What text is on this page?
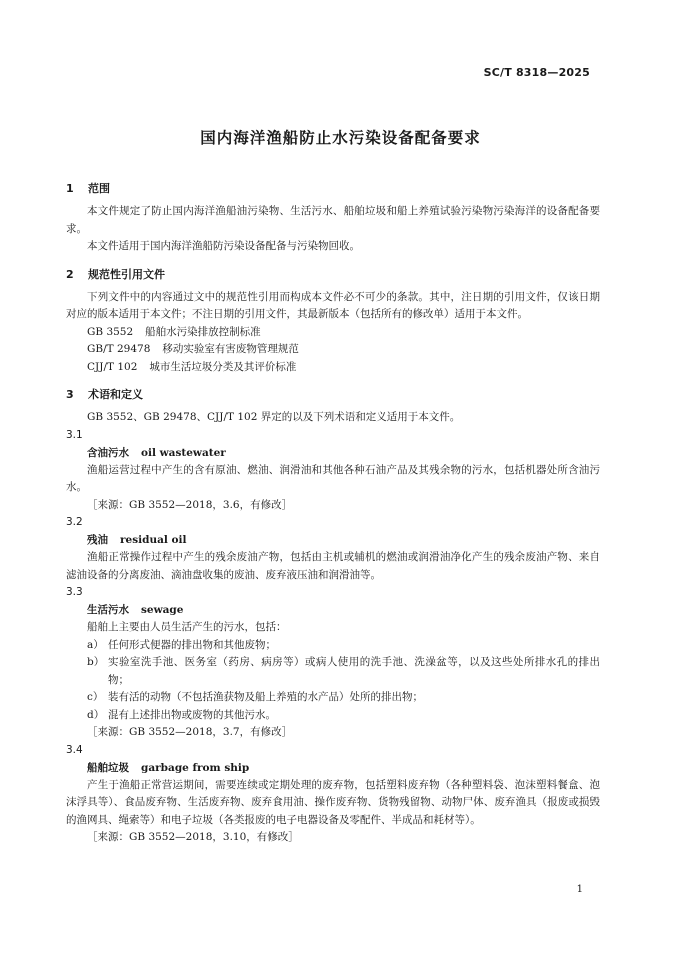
SC/T 8318—2025
国内海洋渔船防止水污染设备配备要求

1 范围

本文件规定了防止国内海洋渔船油污染物、生活污水、船舶垃圾和船上养殖试验污染物污染海洋的设备配备要求。

本文件适用于国内海洋渔船防污染设备配备与污染物回收。

2 规范性引用文件

下列文件中的内容通过文中的规范性引用而构成本文件必不可少的条款。其中，注日期的引用文件，仅该日期对应的版本适用于本文件；不注日期的引用文件，其最新版本（包括所有的修改单）适用于本文件。

GB 3552 船舶水污染排放控制标准

GB/T 29478 移动实验室有害废物管理规范

CJJ/T 102 城市生活垃圾分类及其评价标准

3 术语和定义

GB 3552、GB 29478、CJJ/T 102 界定的以及下列术语和定义适用于本文件。

3.1

含油污水 oil wastewater

渔船运营过程中产生的含有原油、燃油、润滑油和其他各种石油产品及其残余物的污水，包括机器处所含油污水。

［来源：GB 3552—2018，3.6，有修改］

3.2

残油 residual oil

渔船正常操作过程中产生的残余废油产物，包括由主机或辅机的燃油或润滑油净化产生的残余废油产物、来自滤油设备的分离废油、滴油盘收集的废油、废弃液压油和润滑油等。

3.3

生活污水 sewage

船舶上主要由人员生活产生的污水，包括：

a） 任何形式便器的排出物和其他废物；

b） 实验室洗手池、医务室（药房、病房等）或病人使用的洗手池、洗澡盆等，以及这些处所排水孔的排出物；

c） 装有活的动物（不包括渔获物及船上养殖的水产品）处所的排出物；

d） 混有上述排出物或废物的其他污水。

［来源：GB 3552—2018，3.7，有修改］

3.4

船舶垃圾 garbage from ship

产生于渔船正常营运期间，需要连续或定期处理的废弃物，包括塑料废弃物（各种塑料袋、泡沫塑料餐盒、泡沫浮具等）、食品废弃物、生活废弃物、废弃食用油、操作废弃物、货物残留物、动物尸体、废弃渔具（报废或损毁的渔网具、绳索等）和电子垃圾（各类报废的电子电器设备及零配件、半成品和耗材等）。

［来源：GB 3552—2018，3.10，有修改］

1
